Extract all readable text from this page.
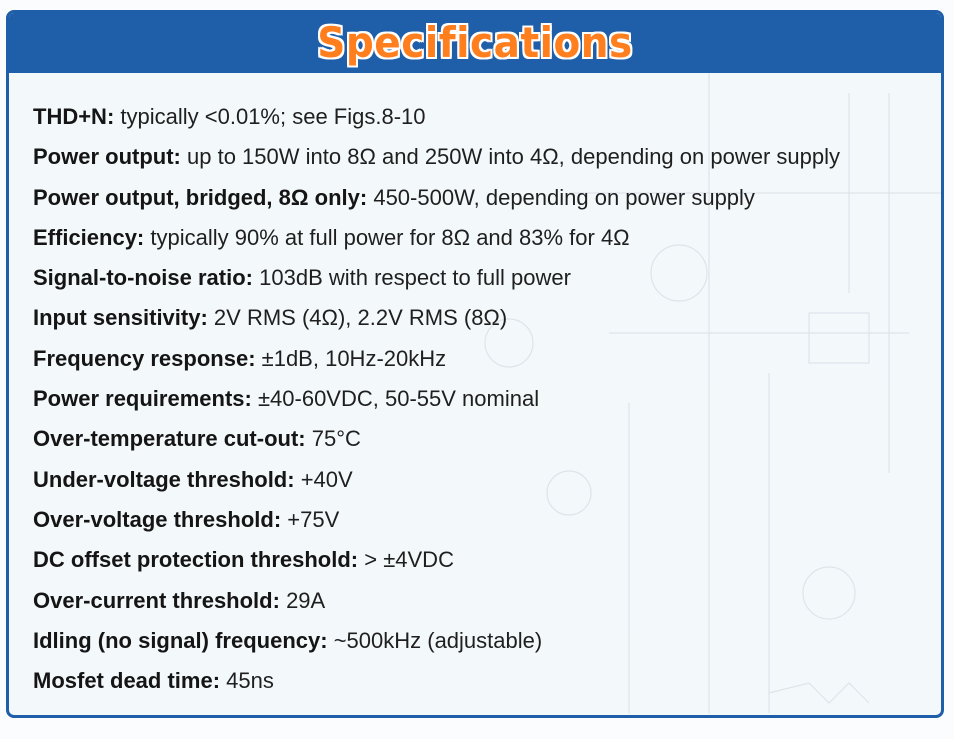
Specifications
THD+N: typically <0.01%; see Figs.8-10
Power output: up to 150W into 8Ω and 250W into 4Ω, depending on power supply
Power output, bridged, 8Ω only: 450-500W, depending on power supply
Efficiency: typically 90% at full power for 8Ω and 83% for 4Ω
Signal-to-noise ratio: 103dB with respect to full power
Input sensitivity: 2V RMS (4Ω), 2.2V RMS (8Ω)
Frequency response: ±1dB, 10Hz-20kHz
Power requirements: ±40-60VDC, 50-55V nominal
Over-temperature cut-out: 75°C
Under-voltage threshold: +40V
Over-voltage threshold: +75V
DC offset protection threshold: > ±4VDC
Over-current threshold: 29A
Idling (no signal) frequency: ~500kHz (adjustable)
Mosfet dead time: 45ns
